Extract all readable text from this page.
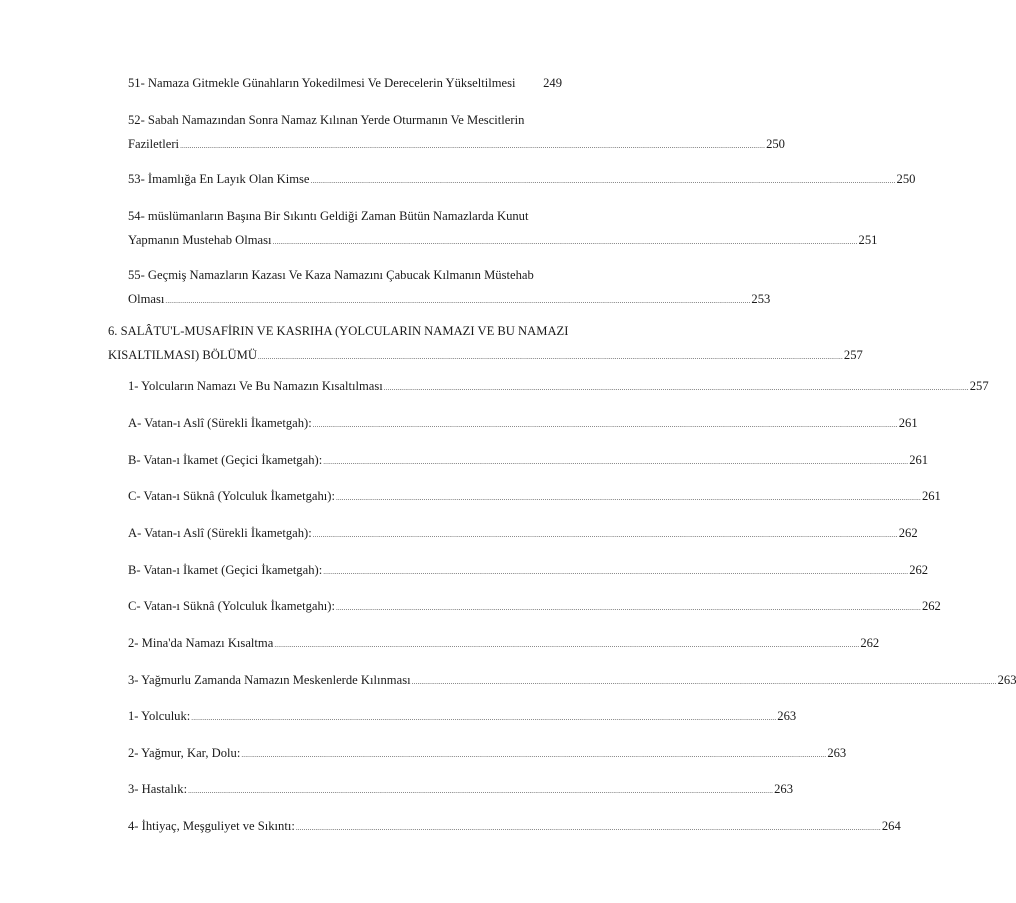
51- Namaza Gitmekle Günahların Yokedilmesi Ve Derecelerin Yükseltilmesi	249
52- Sabah Namazından Sonra Namaz Kılınan Yerde Oturmanın Ve Mescitlerin
Faziletleri ............................................................................................................................................................................................................................................................................................................ 250
53- İmamlığa En Layık Olan Kimse ............................................................................................................................................................................................................................................................................................................ 250
54- müslümanların Başına Bir Sıkıntı Geldiği Zaman Bütün Namazlarda Kunut
Yapmanın Mustehab Olması ............................................................................................................................................................................................................................................................................................................ 251
55- Geçmiş Namazların Kazası Ve Kaza Namazını Çabucak Kılmanın Müstehab
Olması ............................................................................................................................................................................................................................................................................................................ 253
6. SALÂTU'L-MUSAFİRIN VE KASRIHA (YOLCULARIN NAMAZI VE BU NAMAZI
KISALTILMASI) BÖLÜMÜ ............................................................................................................................................................................................................................................................................................................ 257
1- Yolcuların Namazı Ve Bu Namazın Kısaltılması ............................................................................................................................................................................................................................................................................................................ 257
A- Vatan-ı Aslî (Sürekli İkametgah): ............................................................................................................................................................................................................................................................................................................ 261
B- Vatan-ı İkamet (Geçici İkametgah): ............................................................................................................................................................................................................................................................................................................ 261
C- Vatan-ı Süknâ (Yolculuk İkametgahı): ............................................................................................................................................................................................................................................................................................................ 261
A- Vatan-ı Aslî (Sürekli İkametgah): ............................................................................................................................................................................................................................................................................................................ 262
B- Vatan-ı İkamet (Geçici İkametgah): ............................................................................................................................................................................................................................................................................................................ 262
C- Vatan-ı Süknâ (Yolculuk İkametgahı): ............................................................................................................................................................................................................................................................................................................ 262
2- Mina'da Namazı Kısaltma ............................................................................................................................................................................................................................................................................................................ 262
3- Yağmurlu Zamanda Namazın Meskenlerde Kılınması ............................................................................................................................................................................................................................................................................................................ 263
1- Yolculuk: ............................................................................................................................................................................................................................................................................................................ 263
2- Yağmur, Kar, Dolu: ............................................................................................................................................................................................................................................................................................................ 263
3- Hastalık: ............................................................................................................................................................................................................................................................................................................ 263
4- İhtiyaç, Meşguliyet ve Sıkıntı: ............................................................................................................................................................................................................................................................................................................ 264
